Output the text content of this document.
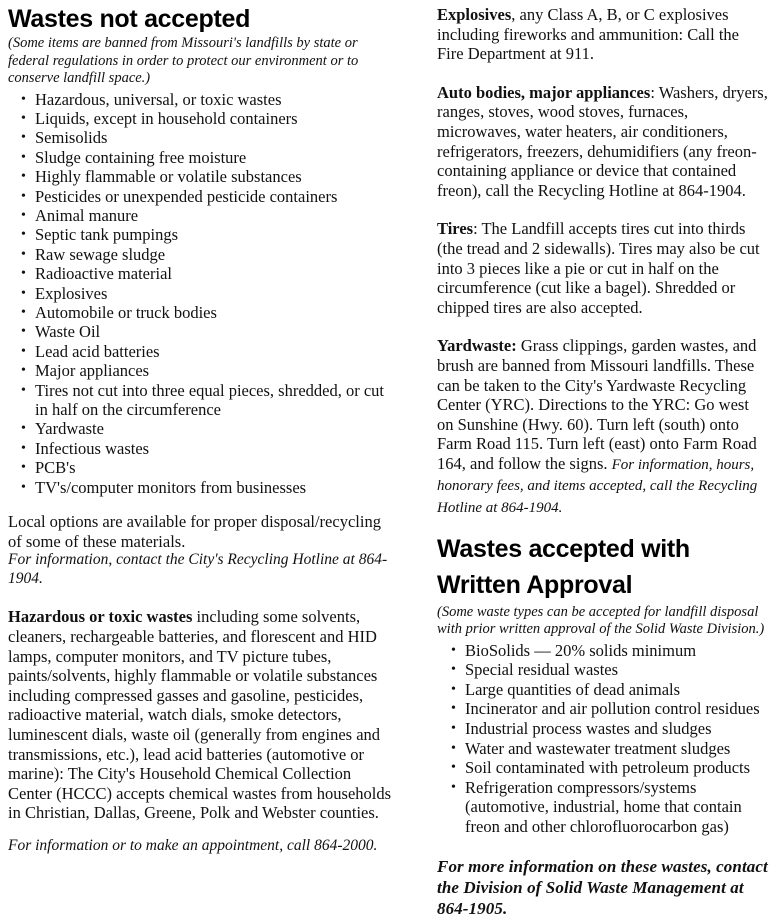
Wastes not accepted

(Some items are banned from Missouri's landfills by state or federal regulations in order to protect our environment or to conserve landfill space.)

• Hazardous, universal, or toxic wastes
• Liquids, except in household containers
• Semisolids
• Sludge containing free moisture
• Highly flammable or volatile substances
• Pesticides or unexpended pesticide containers
• Animal manure
• Septic tank pumpings
• Raw sewage sludge
• Radioactive material
• Explosives
• Automobile or truck bodies
• Waste Oil
• Lead acid batteries
• Major appliances
• Tires not cut into three equal pieces, shredded, or cut in half on the circumference
• Yardwaste
• Infectious wastes
• PCB's
• TV's/computer monitors from businesses

Local options are available for proper disposal/recycling of some of these materials.

For information, contact the City's Recycling Hotline at 864-1904.

Hazardous or toxic wastes including some solvents, cleaners, rechargeable batteries, and florescent and HID lamps, computer monitors, and TV picture tubes, paints/solvents, highly flammable or volatile substances including compressed gasses and gasoline, pesticides, radioactive material, watch dials, smoke detectors, luminescent dials, waste oil (generally from engines and transmissions, etc.), lead acid batteries (automotive or marine): The City's Household Chemical Collection Center (HCCC) accepts chemical wastes from households in Christian, Dallas, Greene, Polk and Webster counties.

For information or to make an appointment, call 864-2000.

Explosives, any Class A, B, or C explosives including fireworks and ammunition: Call the Fire Department at 911.

Auto bodies, major appliances: Washers, dryers, ranges, stoves, wood stoves, furnaces, microwaves, water heaters, air conditioners, refrigerators, freezers, dehumidifiers (any freon-containing appliance or device that contained freon), call the Recycling Hotline at 864-1904.

Tires: The Landfill accepts tires cut into thirds (the tread and 2 sidewalls). Tires may also be cut into 3 pieces like a pie or cut in half on the circumference (cut like a bagel). Shredded or chipped tires are also accepted.

Yardwaste: Grass clippings, garden wastes, and brush are banned from Missouri landfills. These can be taken to the City's Yardwaste Recycling Center (YRC). Directions to the YRC: Go west on Sunshine (Hwy. 60). Turn left (south) onto Farm Road 115. Turn left (east) onto Farm Road 164, and follow the signs. For information, hours, honorary fees, and items accepted, call the Recycling Hotline at 864-1904.

Wastes accepted with
Written Approval

(Some waste types can be accepted for landfill disposal with prior written approval of the Solid Waste Division.)

• BioSolids — 20% solids minimum
• Special residual wastes
• Large quantities of dead animals
• Incinerator and air pollution control residues
• Industrial process wastes and sludges
• Water and wastewater treatment sludges
• Soil contaminated with petroleum products
• Refrigeration compressors/systems (automotive, industrial, home that contain freon and other chlorofluorocarbon gas)

For more information on these wastes, contact the Division of Solid Waste Management at 864-1905.
